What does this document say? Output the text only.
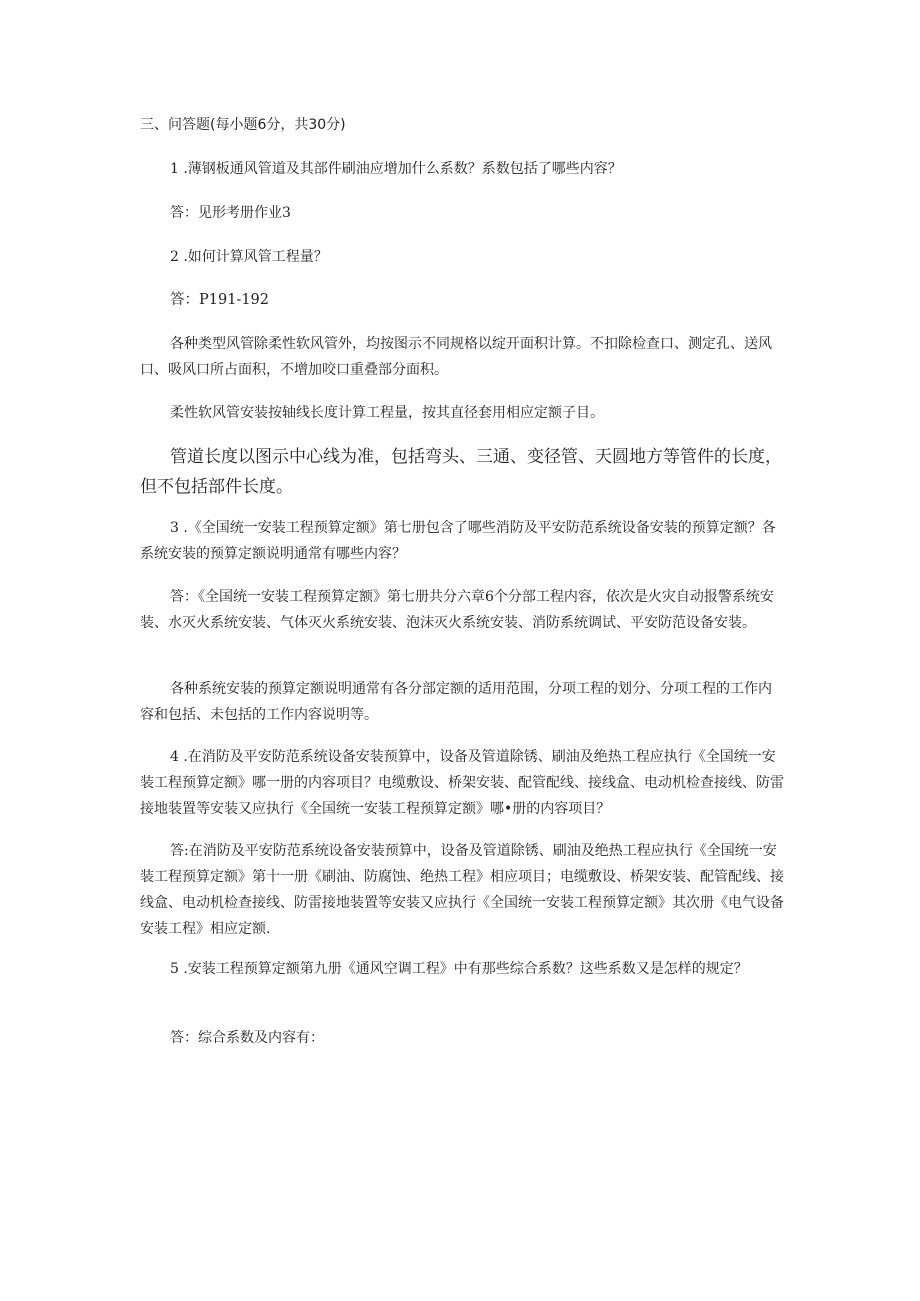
三、问答题(每小题6分，共30分)

1 .薄钢板通风管道及其部件刷油应增加什么系数？系数包括了哪些内容？

答：见形考册作业3

2 .如何计算风管工程量？

答：P191-192

各种类型风管除柔性软风管外，均按图示不同规格以绽开面积计算。不扣除检查口、测定孔、送风口、吸风口所占面积，不增加咬口重叠部分面积。

柔性软风管安装按轴线长度计算工程量，按其直径套用相应定额子目。

管道长度以图示中心线为准，包括弯头、三通、变径管、天圆地方等管件的长度，但不包括部件长度。

3 .《全国统一安装工程预算定额》第七册包含了哪些消防及平安防范系统设备安装的预算定额？各系统安装的预算定额说明通常有哪些内容？

答：《全国统一安装工程预算定额》第七册共分六章6个分部工程内容，依次是火灾自动报警系统安装、水灭火系统安装、气体灭火系统安装、泡沫灭火系统安装、消防系统调试、平安防范设备安装。

各种系统安装的预算定额说明通常有各分部定额的适用范围，分项工程的划分、分项工程的工作内容和包括、未包括的工作内容说明等。

4 .在消防及平安防范系统设备安装预算中，设备及管道除锈、刷油及绝热工程应执行《全国统一安装工程预算定额》哪一册的内容项目？电缆敷设、桥架安装、配管配线、接线盒、电动机检查接线、防雷接地装置等安装又应执行《全国统一安装工程预算定额》哪•册的内容项目？

答:在消防及平安防范系统设备安装预算中，设备及管道除锈、刷油及绝热工程应执行《全国统一安装工程预算定额》第十一册《刷油、防腐蚀、绝热工程》相应项目；电缆敷设、桥架安装、配管配线、接线盒、电动机检查接线、防雷接地装置等安装又应执行《全国统一安装工程预算定额》其次册《电气设备安装工程》相应定额.

5 .安装工程预算定额第九册《通风空调工程》中有那些综合系数？这些系数又是怎样的规定？

答：综合系数及内容有：
